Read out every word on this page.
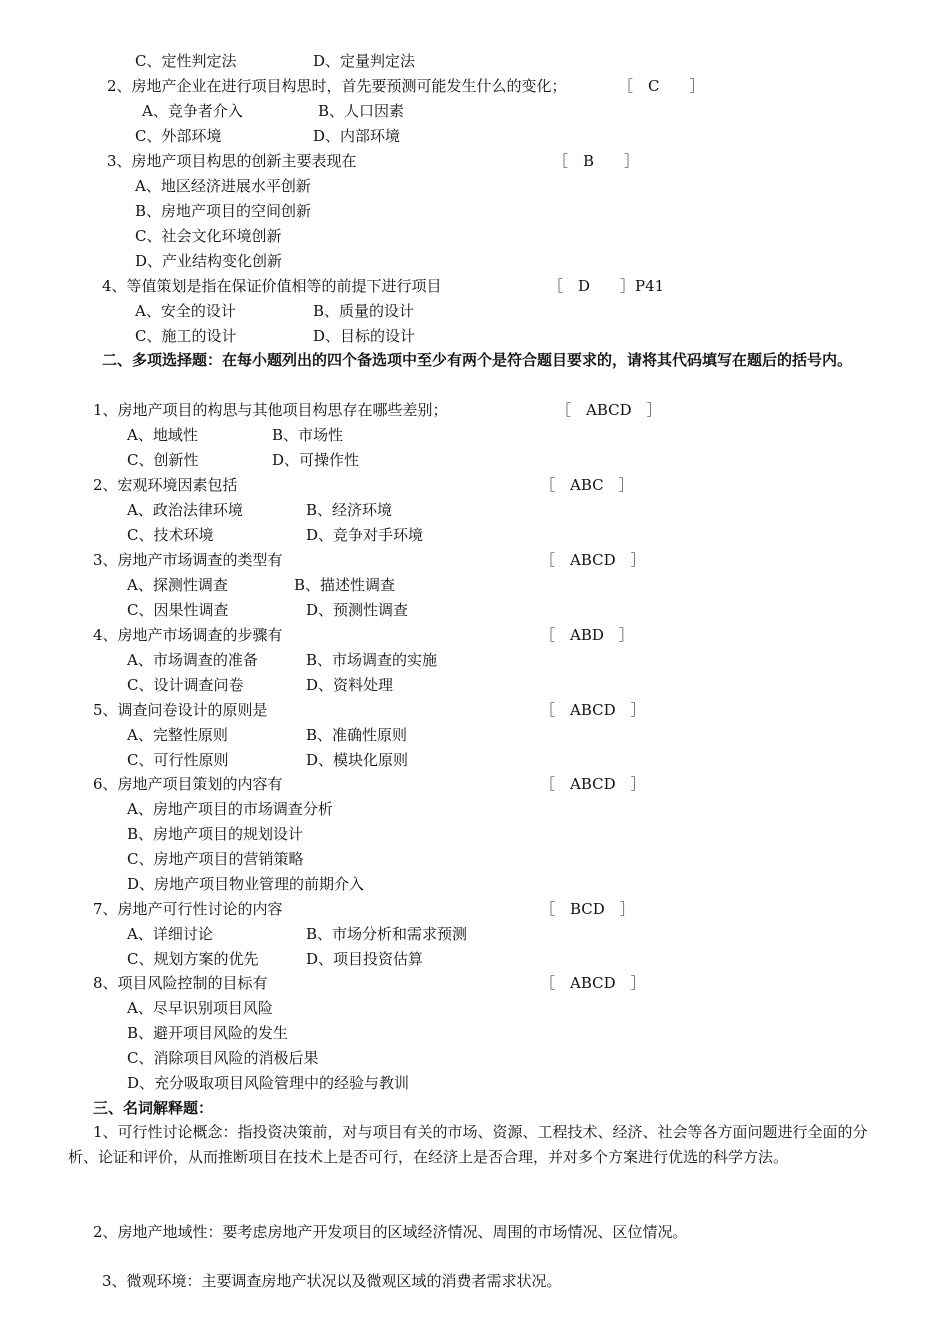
C、定性判定法	D、定量判定法
2、房地产企业在进行项目构思时，首先要预测可能发生什么的变化；	［　C　　］
A、竞争者介入	B、人口因素
C、外部环境	D、内部环境
3、房地产项目构思的创新主要表现在	［　B　　］
A、地区经济进展水平创新
B、房地产项目的空间创新
C、社会文化环境创新
D、产业结构变化创新
4、等值策划是指在保证价值相等的前提下进行项目	［　D　　］P41
A、安全的设计	B、质量的设计
C、施工的设计	D、目标的设计
二、多项选择题：在每小题列出的四个备选项中至少有两个是符合题目要求的，请将其代码填写在题后的括号内。
1、房地产项目的构思与其他项目构思存在哪些差别；	［　ABCD　］
A、地域性	B、市场性
C、创新性	D、可操作性
2、宏观环境因素包括	［　ABC　］
A、政治法律环境	B、经济环境
C、技术环境	D、竞争对手环境
3、房地产市场调查的类型有	［　ABCD　］
A、探测性调查	B、描述性调查
C、因果性调查	D、预测性调查
4、房地产市场调查的步骤有	［　ABD　］
A、市场调查的准备	B、市场调查的实施
C、设计调查问卷	D、资料处理
5、调查问卷设计的原则是	［　ABCD　］
A、完整性原则	B、准确性原则
C、可行性原则	D、模块化原则
6、房地产项目策划的内容有	［　ABCD　］
A、房地产项目的市场调查分析
B、房地产项目的规划设计
C、房地产项目的营销策略
D、房地产项目物业管理的前期介入
7、房地产可行性讨论的内容	［　BCD　］
A、详细讨论	B、市场分析和需求预测
C、规划方案的优先	D、项目投资估算
8、项目风险控制的目标有	［　ABCD　］
A、尽早识别项目风险
B、避开项目风险的发生
C、消除项目风险的消极后果
D、充分吸取项目风险管理中的经验与教训
三、名词解释题：
1、可行性讨论概念：指投资决策前，对与项目有关的市场、资源、工程技术、经济、社会等各方面问题进行全面的分析、论证和评价，从而推断项目在技术上是否可行，在经济上是否合理，并对多个方案进行优选的科学方法。
2、房地产地域性：要考虑房地产开发项目的区域经济情况、周围的市场情况、区位情况。
3、微观环境：主要调查房地产状况以及微观区域的消费者需求状况。
